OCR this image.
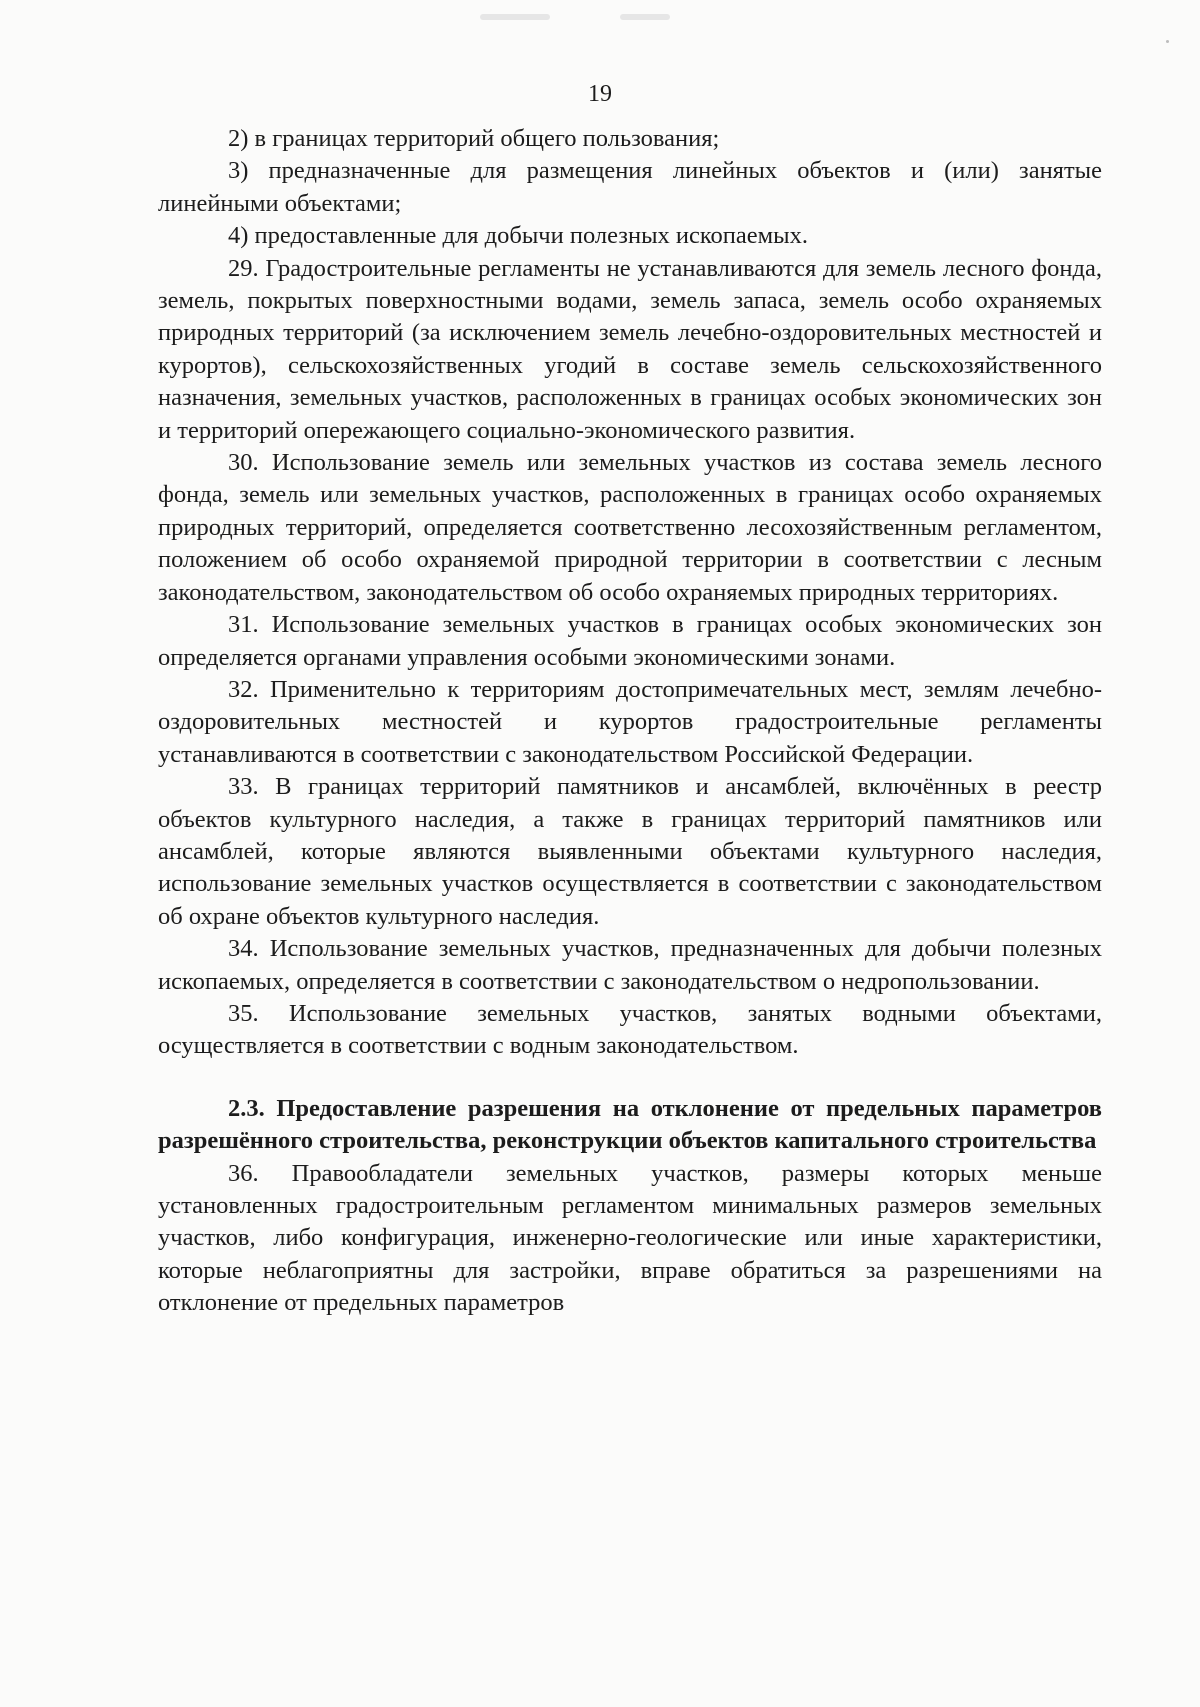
19

2) в границах территорий общего пользования;

3) предназначенные для размещения линейных объектов и (или) занятые линейными объектами;

4) предоставленные для добычи полезных ископаемых.

29. Градостроительные регламенты не устанавливаются для земель лесного фонда, земель, покрытых поверхностными водами, земель запаса, земель особо охраняемых природных территорий (за исключением земель лечебно-оздоровительных местностей и курортов), сельскохозяйственных угодий в составе земель сельскохозяйственного назначения, земельных участков, расположенных в границах особых экономических зон и территорий опережающего социально-экономического развития.

30. Использование земель или земельных участков из состава земель лесного фонда, земель или земельных участков, расположенных в границах особо охраняемых природных территорий, определяется соответственно лесохозяйственным регламентом, положением об особо охраняемой природной территории в соответствии с лесным законодательством, законодательством об особо охраняемых природных территориях.

31. Использование земельных участков в границах особых экономических зон определяется органами управления особыми экономическими зонами.

32. Применительно к территориям достопримечательных мест, землям лечебно-оздоровительных местностей и курортов градостроительные регламенты устанавливаются в соответствии с законодательством Российской Федерации.

33. В границах территорий памятников и ансамблей, включённых в реестр объектов культурного наследия, а также в границах территорий памятников или ансамблей, которые являются выявленными объектами культурного наследия, использование земельных участков осуществляется в соответствии с законодательством об охране объектов культурного наследия.

34. Использование земельных участков, предназначенных для добычи полезных ископаемых, определяется в соответствии с законодательством о недропользовании.

35. Использование земельных участков, занятых водными объектами, осуществляется в соответствии с водным законодательством.

2.3. Предоставление разрешения на отклонение от предельных параметров разрешённого строительства, реконструкции объектов капитального строительства

36. Правообладатели земельных участков, размеры которых меньше установленных градостроительным регламентом минимальных размеров земельных участков, либо конфигурация, инженерно-геологические или иные характеристики, которые неблагоприятны для застройки, вправе обратиться за разрешениями на отклонение от предельных параметров
